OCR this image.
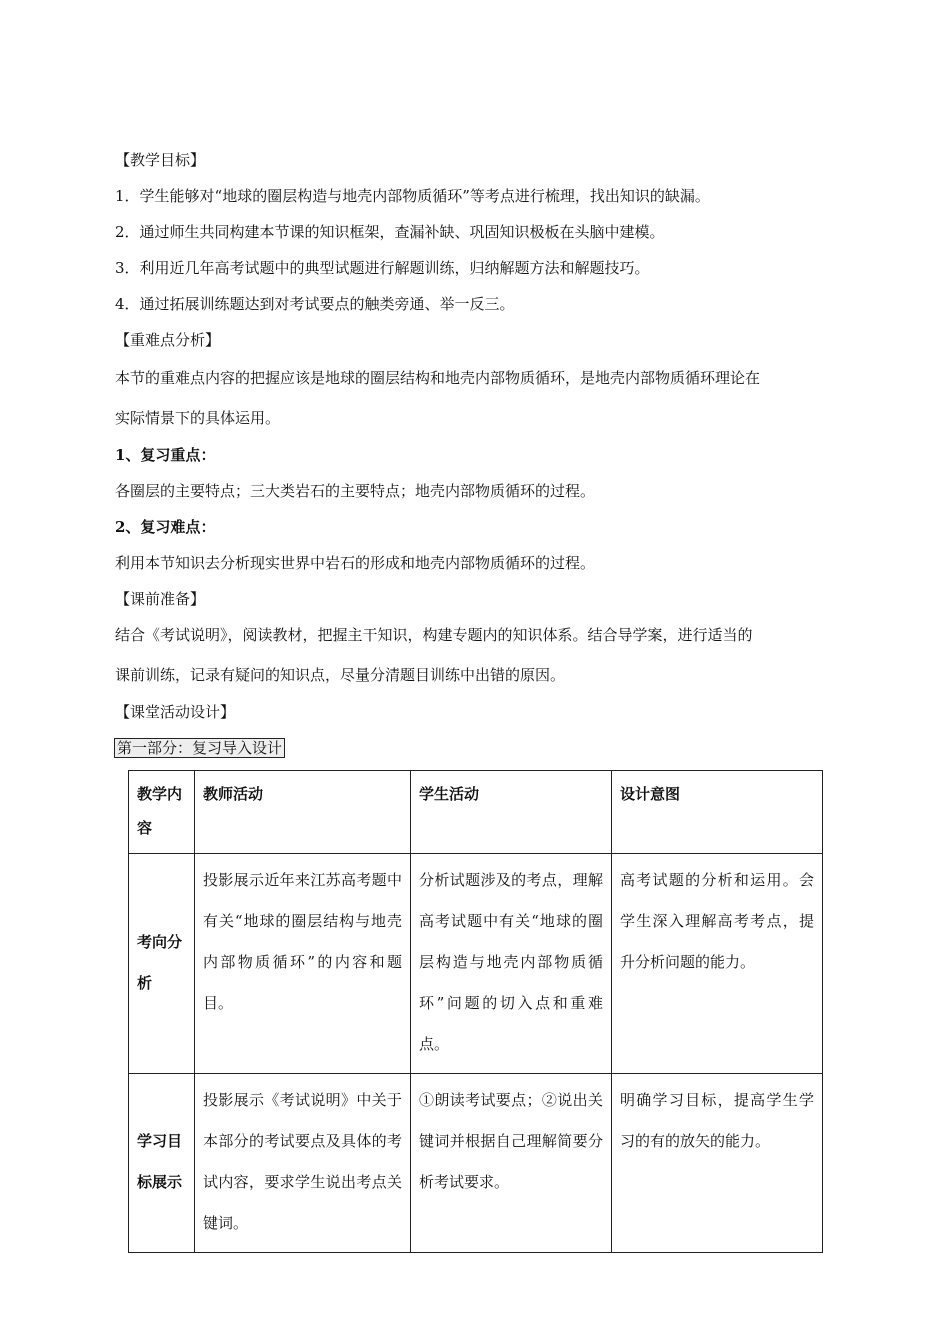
【教学目标】
1．学生能够对“地球的圈层构造与地壳内部物质循环”等考点进行梳理，找出知识的缺漏。
2．通过师生共同构建本节课的知识框架，查漏补缺、巩固知识极板在头脑中建模。
3．利用近几年高考试题中的典型试题进行解题训练，归纳解题方法和解题技巧。
4．通过拓展训练题达到对考试要点的触类旁通、举一反三。
【重难点分析】
本节的重难点内容的把握应该是地球的圈层结构和地壳内部物质循环，是地壳内部物质循环理论在
实际情景下的具体运用。
1、复习重点：
各圈层的主要特点；三大类岩石的主要特点；地壳内部物质循环的过程。
2、复习难点：
利用本节知识去分析现实世界中岩石的形成和地壳内部物质循环的过程。
【课前准备】
结合《考试说明》，阅读教材，把握主干知识，构建专题内的知识体系。结合导学案，进行适当的
课前训练，记录有疑问的知识点，尽量分清题目训练中出错的原因。
【课堂活动设计】
第一部分：复习导入设计
教学内容	教师活动	学生活动	设计意图
考向分析	投影展示近年来江苏高考题中有关“地球的圈层结构与地壳内部物质循环”的内容和题目。	分析试题涉及的考点，理解高考试题中有关“地球的圈层构造与地壳内部物质循环”问题的切入点和重难点。	高考试题的分析和运用。会学生深入理解高考考点，提升分析问题的能力。
学习目标展示	投影展示《考试说明》中关于本部分的考试要点及具体的考试内容，要求学生说出考点关键词。	①朗读考试要点；②说出关键词并根据自己理解简要分析考试要求。	明确学习目标，提高学生学习的有的放矢的能力。
